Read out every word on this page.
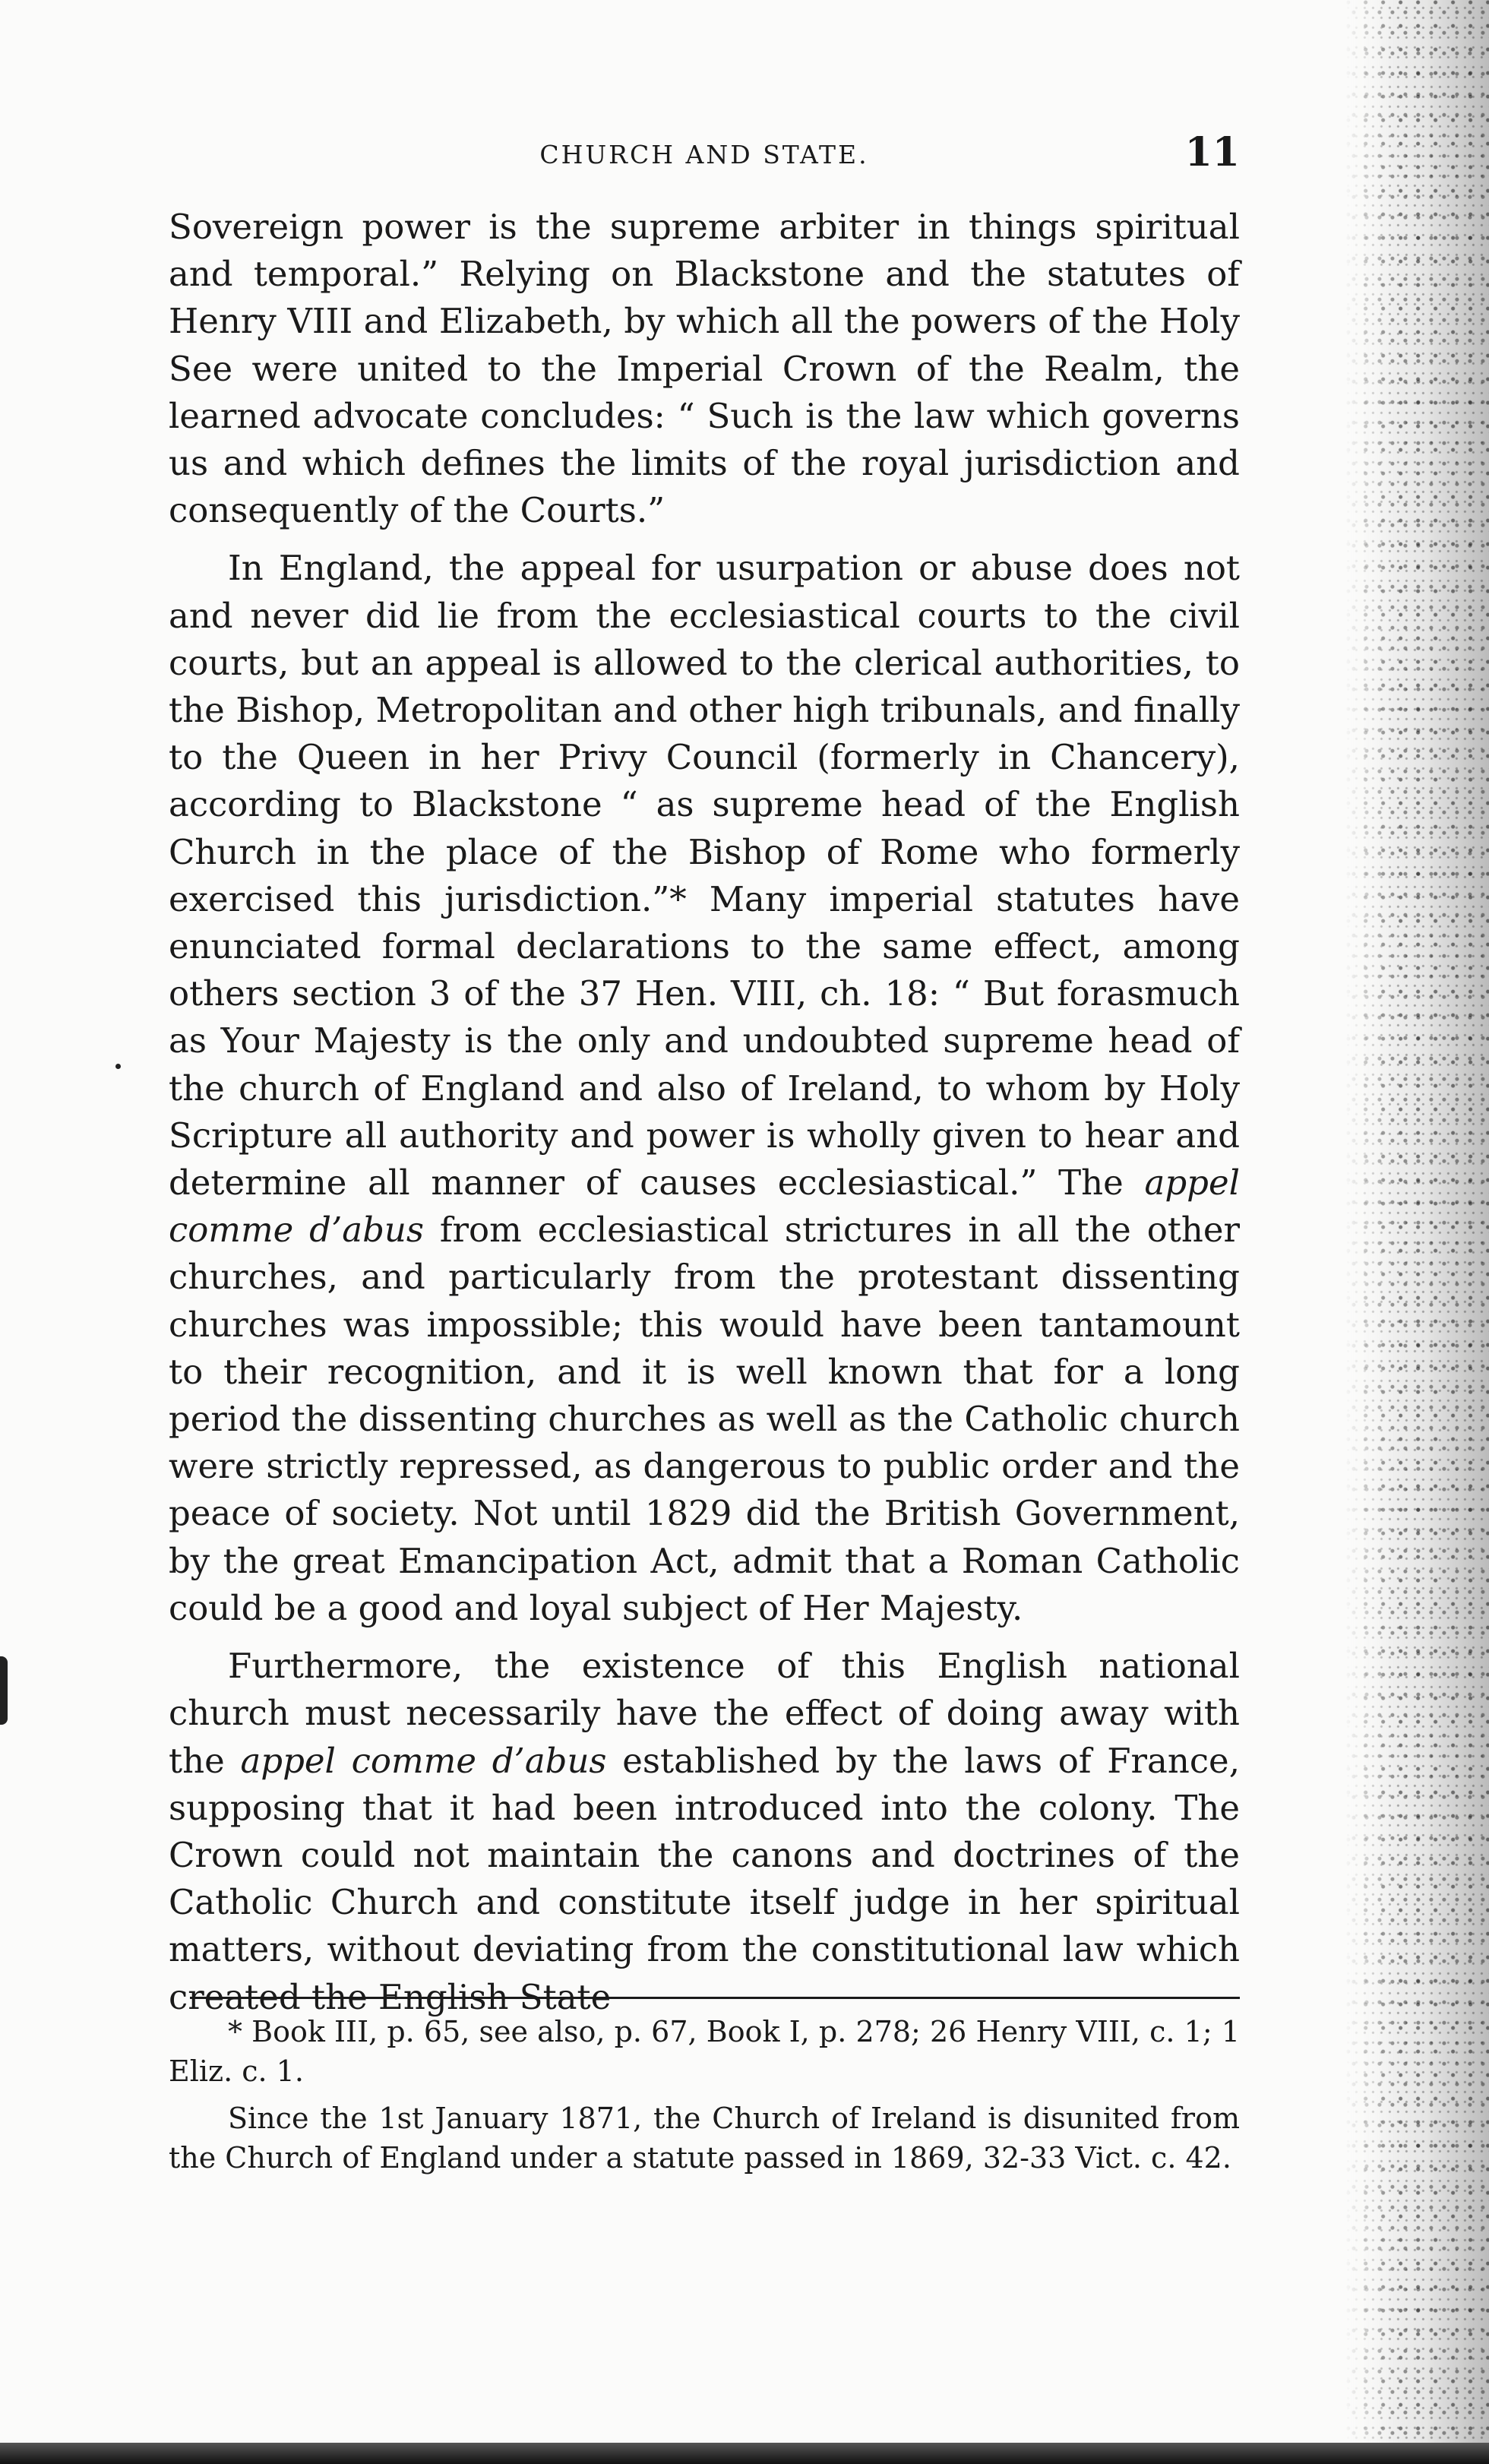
CHURCH AND STATE.	11

Sovereign power is the supreme arbiter in things spiritual and temporal.” Relying on Blackstone and the statutes of Henry VIII and Elizabeth, by which all the powers of the Holy See were united to the Imperial Crown of the Realm, the learned advocate concludes: “ Such is the law which governs us and which defines the limits of the royal jurisdiction and consequently of the Courts.”

In England, the appeal for usurpation or abuse does not and never did lie from the ecclesiastical courts to the civil courts, but an appeal is allowed to the clerical authorities, to the Bishop, Metropolitan and other high tribunals, and finally to the Queen in her Privy Council (formerly in Chancery), according to Blackstone “ as supreme head of the English Church in the place of the Bishop of Rome who formerly exercised this jurisdiction.”* Many imperial statutes have enunciated formal declarations to the same effect, among others section 3 of the 37 Hen. VIII, ch. 18: “ But forasmuch as Your Majesty is the only and undoubted supreme head of the church of England and also of Ireland, to whom by Holy Scripture all authority and power is wholly given to hear and determine all manner of causes ecclesiastical.” The appel comme d’abus from ecclesiastical strictures in all the other churches, and particularly from the protestant dissenting churches was impossible; this would have been tantamount to their recognition, and it is well known that for a long period the dissenting churches as well as the Catholic church were strictly repressed, as dangerous to public order and the peace of society. Not until 1829 did the British Government, by the great Emancipation Act, admit that a Roman Catholic could be a good and loyal subject of Her Majesty.

Furthermore, the existence of this English national church must necessarily have the effect of doing away with the appel comme d’abus established by the laws of France, supposing that it had been introduced into the colony. The Crown could not maintain the canons and doctrines of the Catholic Church and constitute itself judge in her spiritual matters, without deviating from the constitutional law which created the English State

* Book III, p. 65, see also, p. 67, Book I, p. 278; 26 Henry VIII, c. 1; 1 Eliz. c. 1.

Since the 1st January 1871, the Church of Ireland is disunited from the Church of England under a statute passed in 1869, 32-33 Vict. c. 42.
